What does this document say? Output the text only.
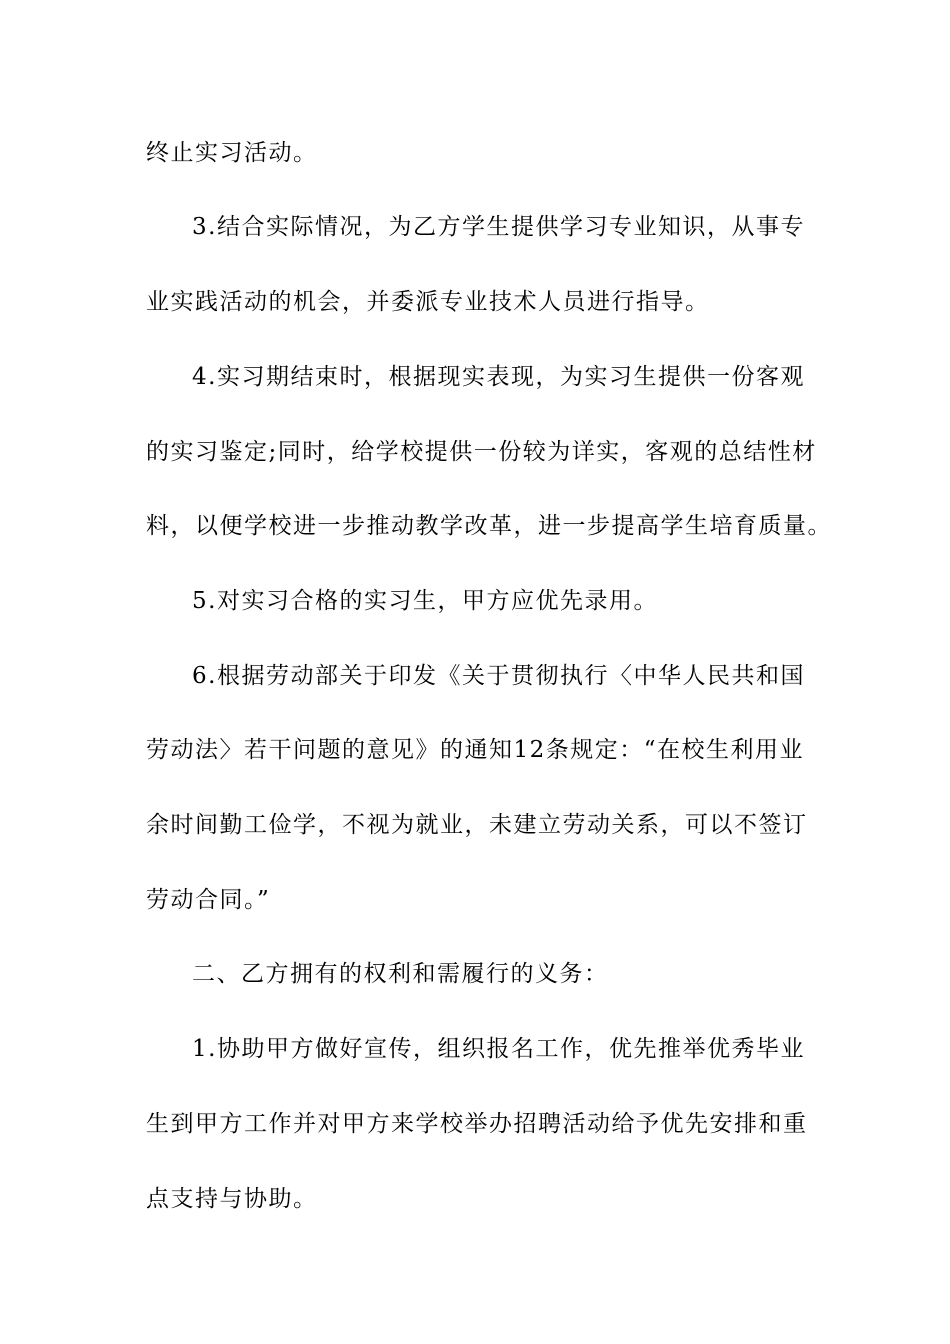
终止实习活动。
3.结合实际情况，为乙方学生提供学习专业知识，从事专
业实践活动的机会，并委派专业技术人员进行指导。
4.实习期结束时，根据现实表现，为实习生提供一份客观
的实习鉴定;同时，给学校提供一份较为详实，客观的总结性材
料，以便学校进一步推动教学改革，进一步提高学生培育质量。
5.对实习合格的实习生，甲方应优先录用。
6.根据劳动部关于印发《关于贯彻执行〈中华人民共和国
劳动法〉若干问题的意见》的通知12条规定：“在校生利用业
余时间勤工俭学，不视为就业，未建立劳动关系，可以不签订
劳动合同。”
二、乙方拥有的权利和需履行的义务：
1.协助甲方做好宣传，组织报名工作，优先推举优秀毕业
生到甲方工作并对甲方来学校举办招聘活动给予优先安排和重
点支持与协助。
